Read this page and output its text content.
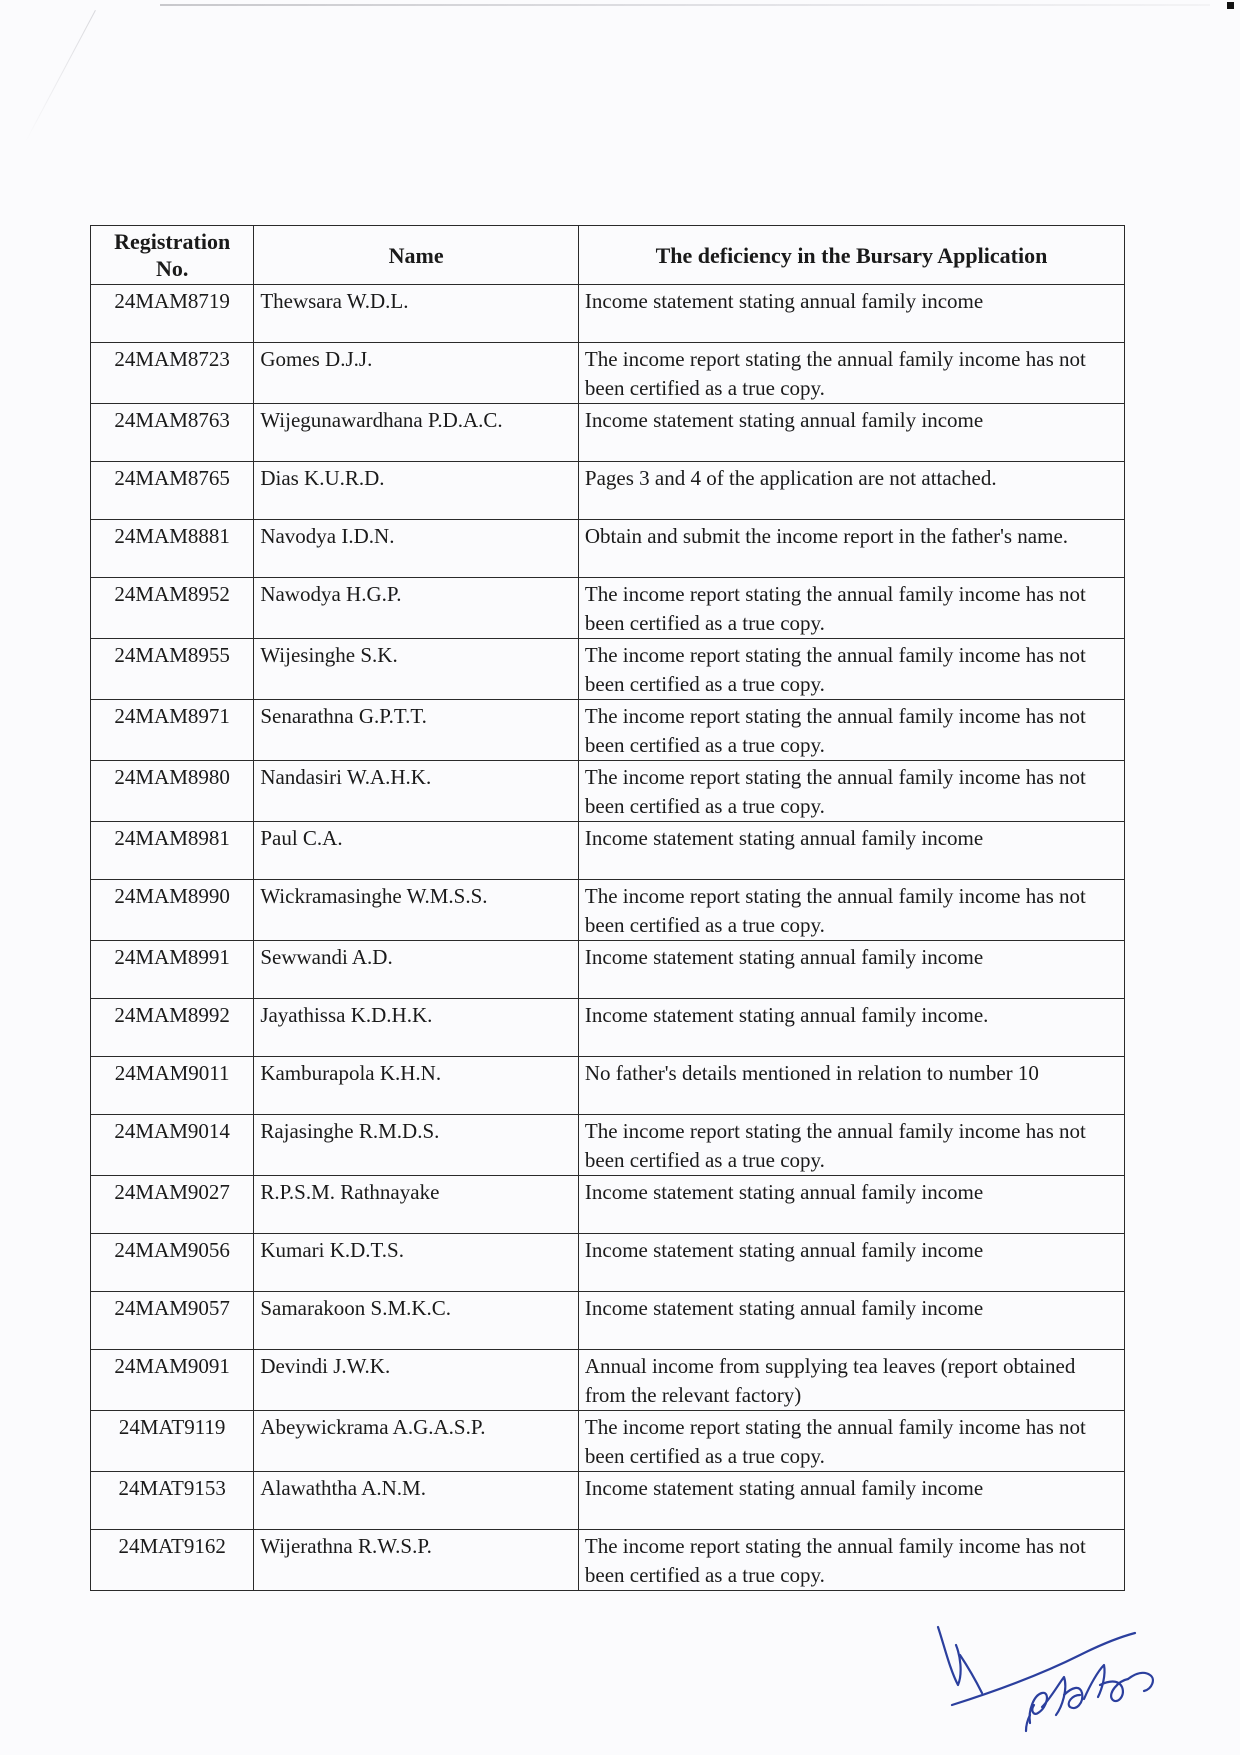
Registration No.	Name	The deficiency in the Bursary Application
24MAM8719	Thewsara W.D.L.	Income statement stating annual family income
24MAM8723	Gomes D.J.J.	The income report stating the annual family income has not been certified as a true copy.
24MAM8763	Wijegunawardhana P.D.A.C.	Income statement stating annual family income
24MAM8765	Dias K.U.R.D.	Pages 3 and 4 of the application are not attached.
24MAM8881	Navodya I.D.N.	Obtain and submit the income report in the father's name.
24MAM8952	Nawodya H.G.P.	The income report stating the annual family income has not been certified as a true copy.
24MAM8955	Wijesinghe S.K.	The income report stating the annual family income has not been certified as a true copy.
24MAM8971	Senarathna G.P.T.T.	The income report stating the annual family income has not been certified as a true copy.
24MAM8980	Nandasiri W.A.H.K.	The income report stating the annual family income has not been certified as a true copy.
24MAM8981	Paul C.A.	Income statement stating annual family income
24MAM8990	Wickramasinghe W.M.S.S.	The income report stating the annual family income has not been certified as a true copy.
24MAM8991	Sewwandi A.D.	Income statement stating annual family income
24MAM8992	Jayathissa K.D.H.K.	Income statement stating annual family income.
24MAM9011	Kamburapola K.H.N.	No father's details mentioned in relation to number 10
24MAM9014	Rajasinghe R.M.D.S.	The income report stating the annual family income has not been certified as a true copy.
24MAM9027	R.P.S.M. Rathnayake	Income statement stating annual family income
24MAM9056	Kumari K.D.T.S.	Income statement stating annual family income
24MAM9057	Samarakoon S.M.K.C.	Income statement stating annual family income
24MAM9091	Devindi J.W.K.	Annual income from supplying tea leaves (report obtained from the relevant factory)
24MAT9119	Abeywickrama A.G.A.S.P.	The income report stating the annual family income has not been certified as a true copy.
24MAT9153	Alawaththa A.N.M.	Income statement stating annual family income
24MAT9162	Wijerathna R.W.S.P.	The income report stating the annual family income has not been certified as a true copy.
